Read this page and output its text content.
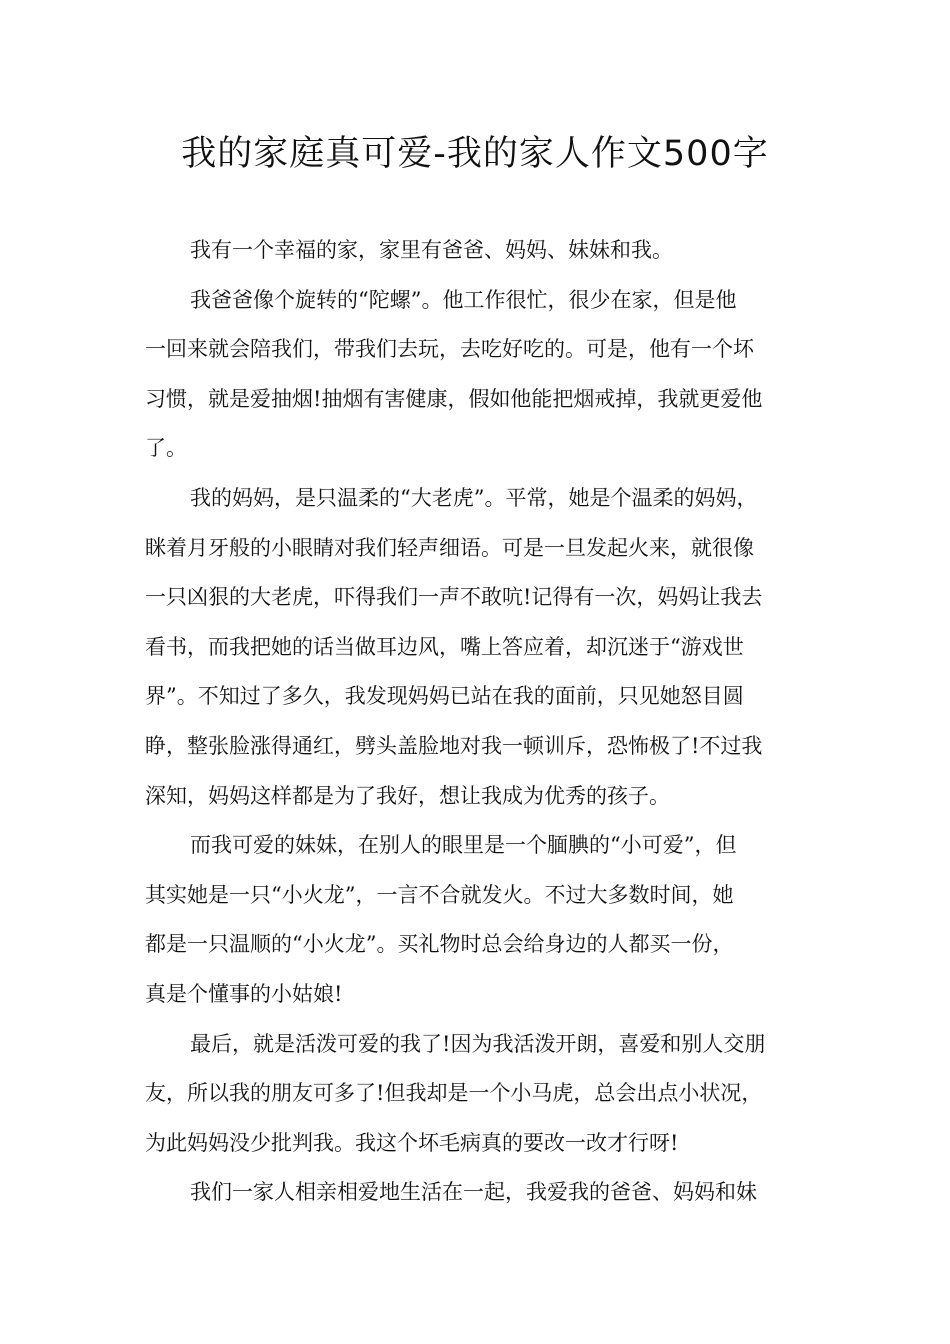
我的家庭真可爱-我的家人作文500字
我有一个幸福的家，家里有爸爸、妈妈、妹妹和我。
我爸爸像个旋转的“陀螺”。他工作很忙，很少在家，但是他
一回来就会陪我们，带我们去玩，去吃好吃的。可是，他有一个坏
习惯，就是爱抽烟!抽烟有害健康，假如他能把烟戒掉，我就更爱他
了。
我的妈妈，是只温柔的“大老虎”。平常，她是个温柔的妈妈，
眯着月牙般的小眼睛对我们轻声细语。可是一旦发起火来，就很像
一只凶狠的大老虎，吓得我们一声不敢吭!记得有一次，妈妈让我去
看书，而我把她的话当做耳边风，嘴上答应着，却沉迷于“游戏世
界”。不知过了多久，我发现妈妈已站在我的面前，只见她怒目圆
睁，整张脸涨得通红，劈头盖脸地对我一顿训斥，恐怖极了!不过我
深知，妈妈这样都是为了我好，想让我成为优秀的孩子。
而我可爱的妹妹，在别人的眼里是一个腼腆的“小可爱”，但
其实她是一只“小火龙”，一言不合就发火。不过大多数时间，她
都是一只温顺的“小火龙”。买礼物时总会给身边的人都买一份，
真是个懂事的小姑娘!
最后，就是活泼可爱的我了!因为我活泼开朗，喜爱和别人交朋
友，所以我的朋友可多了!但我却是一个小马虎，总会出点小状况，
为此妈妈没少批判我。我这个坏毛病真的要改一改才行呀!
我们一家人相亲相爱地生活在一起，我爱我的爸爸、妈妈和妹
